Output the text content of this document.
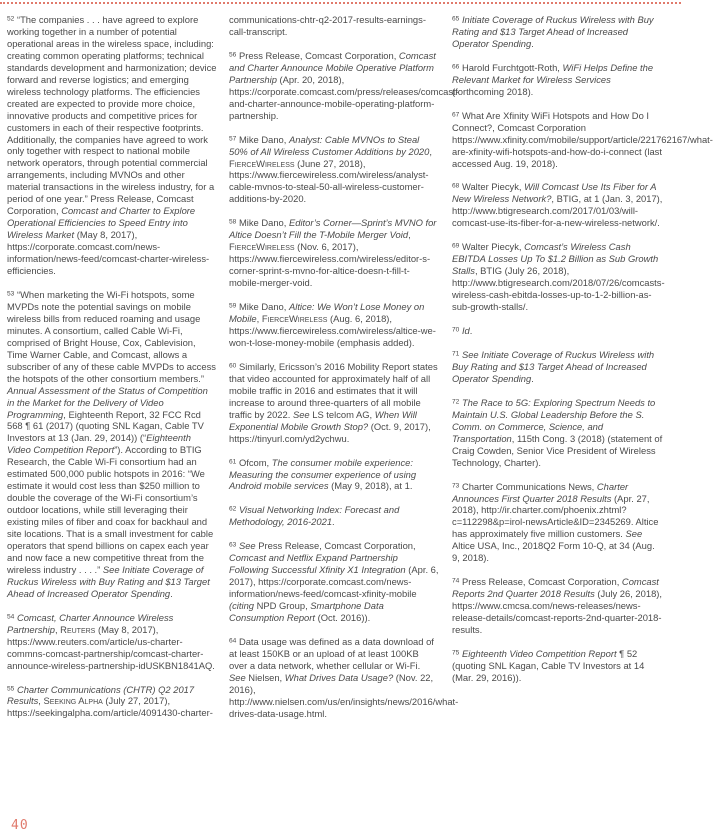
$^{52}$ “The companies . . . have agreed to explore working together in a number of potential operational areas in the wireless space, including: creating common operating platforms; technical standards development and harmonization; device forward and reverse logistics; and emerging wireless technology platforms. The efficiencies created are expected to provide more choice, innovative products and competitive prices for customers in each of their respective footprints. Additionally, the companies have agreed to work only together with respect to national mobile network operators, through potential commercial arrangements, including MVNOs and other material transactions in the wireless industry, for a period of one year.” Press Release, Comcast Corporation, Comcast and Charter to Explore Operational Efficiencies to Speed Entry into Wireless Market (May 8, 2017), https://corporate.comcast.com/news-information/news-feed/comcast-charter-wireless-efficiencies.

$^{53}$ “When marketing the Wi-Fi hotspots, some MVPDs note the potential savings on mobile wireless bills from reduced roaming and usage minutes. A consortium, called Cable Wi-Fi, comprised of Bright House, Cox, Cablevision, Time Warner Cable, and Comcast, allows a subscriber of any of these cable MVPDs to access the hotspots of the other consortium members.” Annual Assessment of the Status of Competition in the Market for the Delivery of Video Programming, Eighteenth Report, 32 FCC Rcd 568 ¶ 61 (2017) (quoting SNL Kagan, Cable TV Investors at 13 (Jan. 29, 2014)) (“Eighteenth Video Competition Report”). According to BTIG Research, the Cable Wi-Fi consortium had an estimated 500,000 public hotspots in 2016: “We estimate it would cost less than $250 million to double the coverage of the Wi-Fi consortium’s outdoor locations, while still leveraging their existing miles of fiber and coax for backhaul and site locations. That is a small investment for cable operators that spend billions on capex each year and now face a new competitive threat from the wireless industry . . . .” See Initiate Coverage of Ruckus Wireless with Buy Rating and $13 Target Ahead of Increased Operator Spending.

$^{54}$ Comcast, Charter Announce Wireless Partnership, Reuters (May 8, 2017), https://www.reuters.com/article/us-charter-commns-comcast-partnership/comcast-charter-announce-wireless-partnership-idUSKBN1841AQ.

$^{55}$ Charter Communications (CHTR) Q2 2017 Results, Seeking Alpha (July 27, 2017), https://seekingalpha.com/article/4091430-charter-

communications-chtr-q2-2017-results-earnings-call-transcript.

$^{56}$ Press Release, Comcast Corporation, Comcast and Charter Announce Mobile Operative Platform Partnership (Apr. 20, 2018), https://corporate.comcast.com/press/releases/comcast-and-charter-announce-mobile-operating-platform-partnership.

$^{57}$ Mike Dano, Analyst: Cable MVNOs to Steal 50% of All Wireless Customer Additions by 2020, FierceWireless (June 27, 2018), https://www.fiercewireless.com/wireless/analyst-cable-mvnos-to-steal-50-all-wireless-customer-additions-by-2020.

$^{58}$ Mike Dano, Editor’s Corner—Sprint’s MVNO for Altice Doesn’t Fill the T-Mobile Merger Void, FierceWireless (Nov. 6, 2017), https://www.fiercewireless.com/wireless/editor-s-corner-sprint-s-mvno-for-altice-doesn-t-fill-t-mobile-merger-void.

$^{59}$ Mike Dano, Altice: We Won’t Lose Money on Mobile, FierceWireless (Aug. 6, 2018), https://www.fiercewireless.com/wireless/altice-we-won-t-lose-money-mobile (emphasis added).

$^{60}$ Similarly, Ericsson’s 2016 Mobility Report states that video accounted for approximately half of all mobile traffic in 2016 and estimates that it will increase to around three-quarters of all mobile traffic by 2022. See LS telcom AG, When Will Exponential Mobile Growth Stop? (Oct. 9, 2017), https://tinyurl.com/yd2ychwu.

$^{61}$ Ofcom, The consumer mobile experience: Measuring the consumer experience of using Android mobile services (May 9, 2018), at 1.

$^{62}$ Visual Networking Index: Forecast and Methodology, 2016-2021.

$^{63}$ See Press Release, Comcast Corporation, Comcast and Netflix Expand Partnership Following Successful Xfinity X1 Integration (Apr. 6, 2017), https://corporate.comcast.com/news-information/news-feed/comcast-xfinity-mobile (citing NPD Group, Smartphone Data Consumption Report (Oct. 2016)).

$^{64}$ Data usage was defined as a data download of at least 150KB or an upload of at least 100KB over a data network, whether cellular or Wi-Fi. See Nielsen, What Drives Data Usage? (Nov. 22, 2016), http://www.nielsen.com/us/en/insights/news/2016/what-drives-data-usage.html.

$^{65}$ Initiate Coverage of Ruckus Wireless with Buy Rating and $13 Target Ahead of Increased Operator Spending.

$^{66}$ Harold Furchtgott-Roth, WiFi Helps Define the Relevant Market for Wireless Services (forthcoming 2018).

$^{67}$ What Are Xfinity WiFi Hotspots and How Do I Connect?, Comcast Corporation https://www.xfinity.com/mobile/support/article/221762167/what-are-xfinity-wifi-hotspots-and-how-do-i-connect (last accessed Aug. 19, 2018).

$^{68}$ Walter Piecyk, Will Comcast Use Its Fiber for A New Wireless Network?, BTIG, at 1 (Jan. 3, 2017), http://www.btigresearch.com/2017/01/03/will-comcast-use-its-fiber-for-a-new-wireless-network/.

$^{69}$ Walter Piecyk, Comcast’s Wireless Cash EBITDA Losses Up To $1.2 Billion as Sub Growth Stalls, BTIG (July 26, 2018), http://www.btigresearch.com/2018/07/26/comcasts-wireless-cash-ebitda-losses-up-to-1-2-billion-as-sub-growth-stalls/.

$^{70}$ Id.

$^{71}$ See Initiate Coverage of Ruckus Wireless with Buy Rating and $13 Target Ahead of Increased Operator Spending.

$^{72}$ The Race to 5G: Exploring Spectrum Needs to Maintain U.S. Global Leadership Before the S. Comm. on Commerce, Science, and Transportation, 115th Cong. 3 (2018) (statement of Craig Cowden, Senior Vice President of Wireless Technology, Charter).

$^{73}$ Charter Communications News, Charter Announces First Quarter 2018 Results (Apr. 27, 2018), http://ir.charter.com/phoenix.zhtml?c=112298&p=irol-newsArticle&ID=2345269. Altice has approximately five million customers. See Altice USA, Inc., 2018Q2 Form 10-Q, at 34 (Aug. 9, 2018).

$^{74}$ Press Release, Comcast Corporation, Comcast Reports 2nd Quarter 2018 Results (July 26, 2018), https://www.cmcsa.com/news-releases/news-release-details/comcast-reports-2nd-quarter-2018-results.

$^{75}$ Eighteenth Video Competition Report ¶ 52 (quoting SNL Kagan, Cable TV Investors at 14 (Mar. 29, 2016)).

40
